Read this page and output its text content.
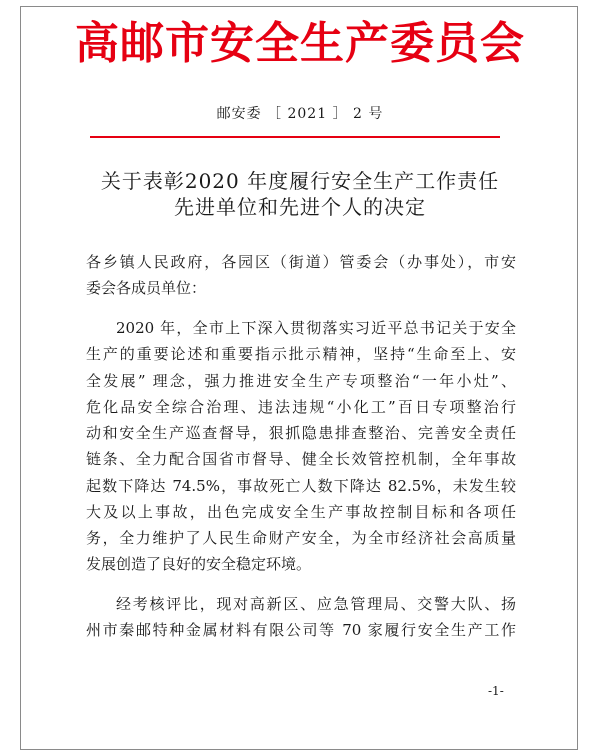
高邮市安全生产委员会
邮安委 ［ 2021 ］ 2 号
关于表彰2020 年度履行安全生产工作责任
先进单位和先进个人的决定
各乡镇人民政府，各园区（街道）管委会（办事处），市安
委会各成员单位：
2020 年，全市上下深入贯彻落实习近平总书记关于安全
生产的重要论述和重要指示批示精神，坚持“生命至上、安
全发展” 理念，强力推进安全生产专项整治“一年小灶”、
危化品安全综合治理、违法违规“小化工”百日专项整治行
动和安全生产巡查督导，狠抓隐患排查整治、完善安全责任
链条、全力配合国省市督导、健全长效管控机制，全年事故
起数下降达 74.5%，事故死亡人数下降达 82.5%，未发生较
大及以上事故，出色完成安全生产事故控制目标和各项任
务，全力维护了人民生命财产安全，为全市经济社会高质量
发展创造了良好的安全稳定环境。
经考核评比，现对高新区、应急管理局、交警大队、扬
州市秦邮特种金属材料有限公司等 70 家履行安全生产工作
-1-
